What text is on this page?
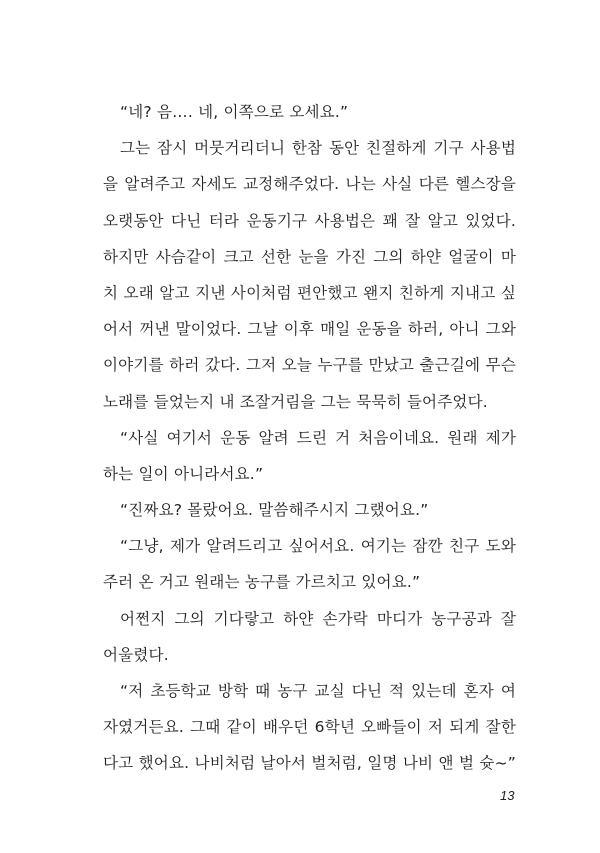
“네? 음…. 네, 이쪽으로 오세요.”
그는 잠시 머뭇거리더니 한참 동안 친절하게 기구 사용법
을 알려주고 자세도 교정해주었다. 나는 사실 다른 헬스장을
오랫동안 다닌 터라 운동기구 사용법은 꽤 잘 알고 있었다.
하지만 사슴같이 크고 선한 눈을 가진 그의 하얀 얼굴이 마
치 오래 알고 지낸 사이처럼 편안했고 왠지 친하게 지내고 싶
어서 꺼낸 말이었다. 그날 이후 매일 운동을 하러, 아니 그와
이야기를 하러 갔다. 그저 오늘 누구를 만났고 출근길에 무슨
노래를 들었는지 내 조잘거림을 그는 묵묵히 들어주었다.
“사실 여기서 운동 알려 드린 거 처음이네요. 원래 제가
하는 일이 아니라서요.”
“진짜요? 몰랐어요. 말씀해주시지 그랬어요.”
“그냥, 제가 알려드리고 싶어서요. 여기는 잠깐 친구 도와
주러 온 거고 원래는 농구를 가르치고 있어요.”
어쩐지 그의 기다랗고 하얀 손가락 마디가 농구공과 잘
어울렸다.
“저 초등학교 방학 때 농구 교실 다닌 적 있는데 혼자 여
자였거든요. 그때 같이 배우던 6학년 오빠들이 저 되게 잘한
다고 했어요. 나비처럼 날아서 벌처럼, 일명 나비 앤 벌 슛~”
13
